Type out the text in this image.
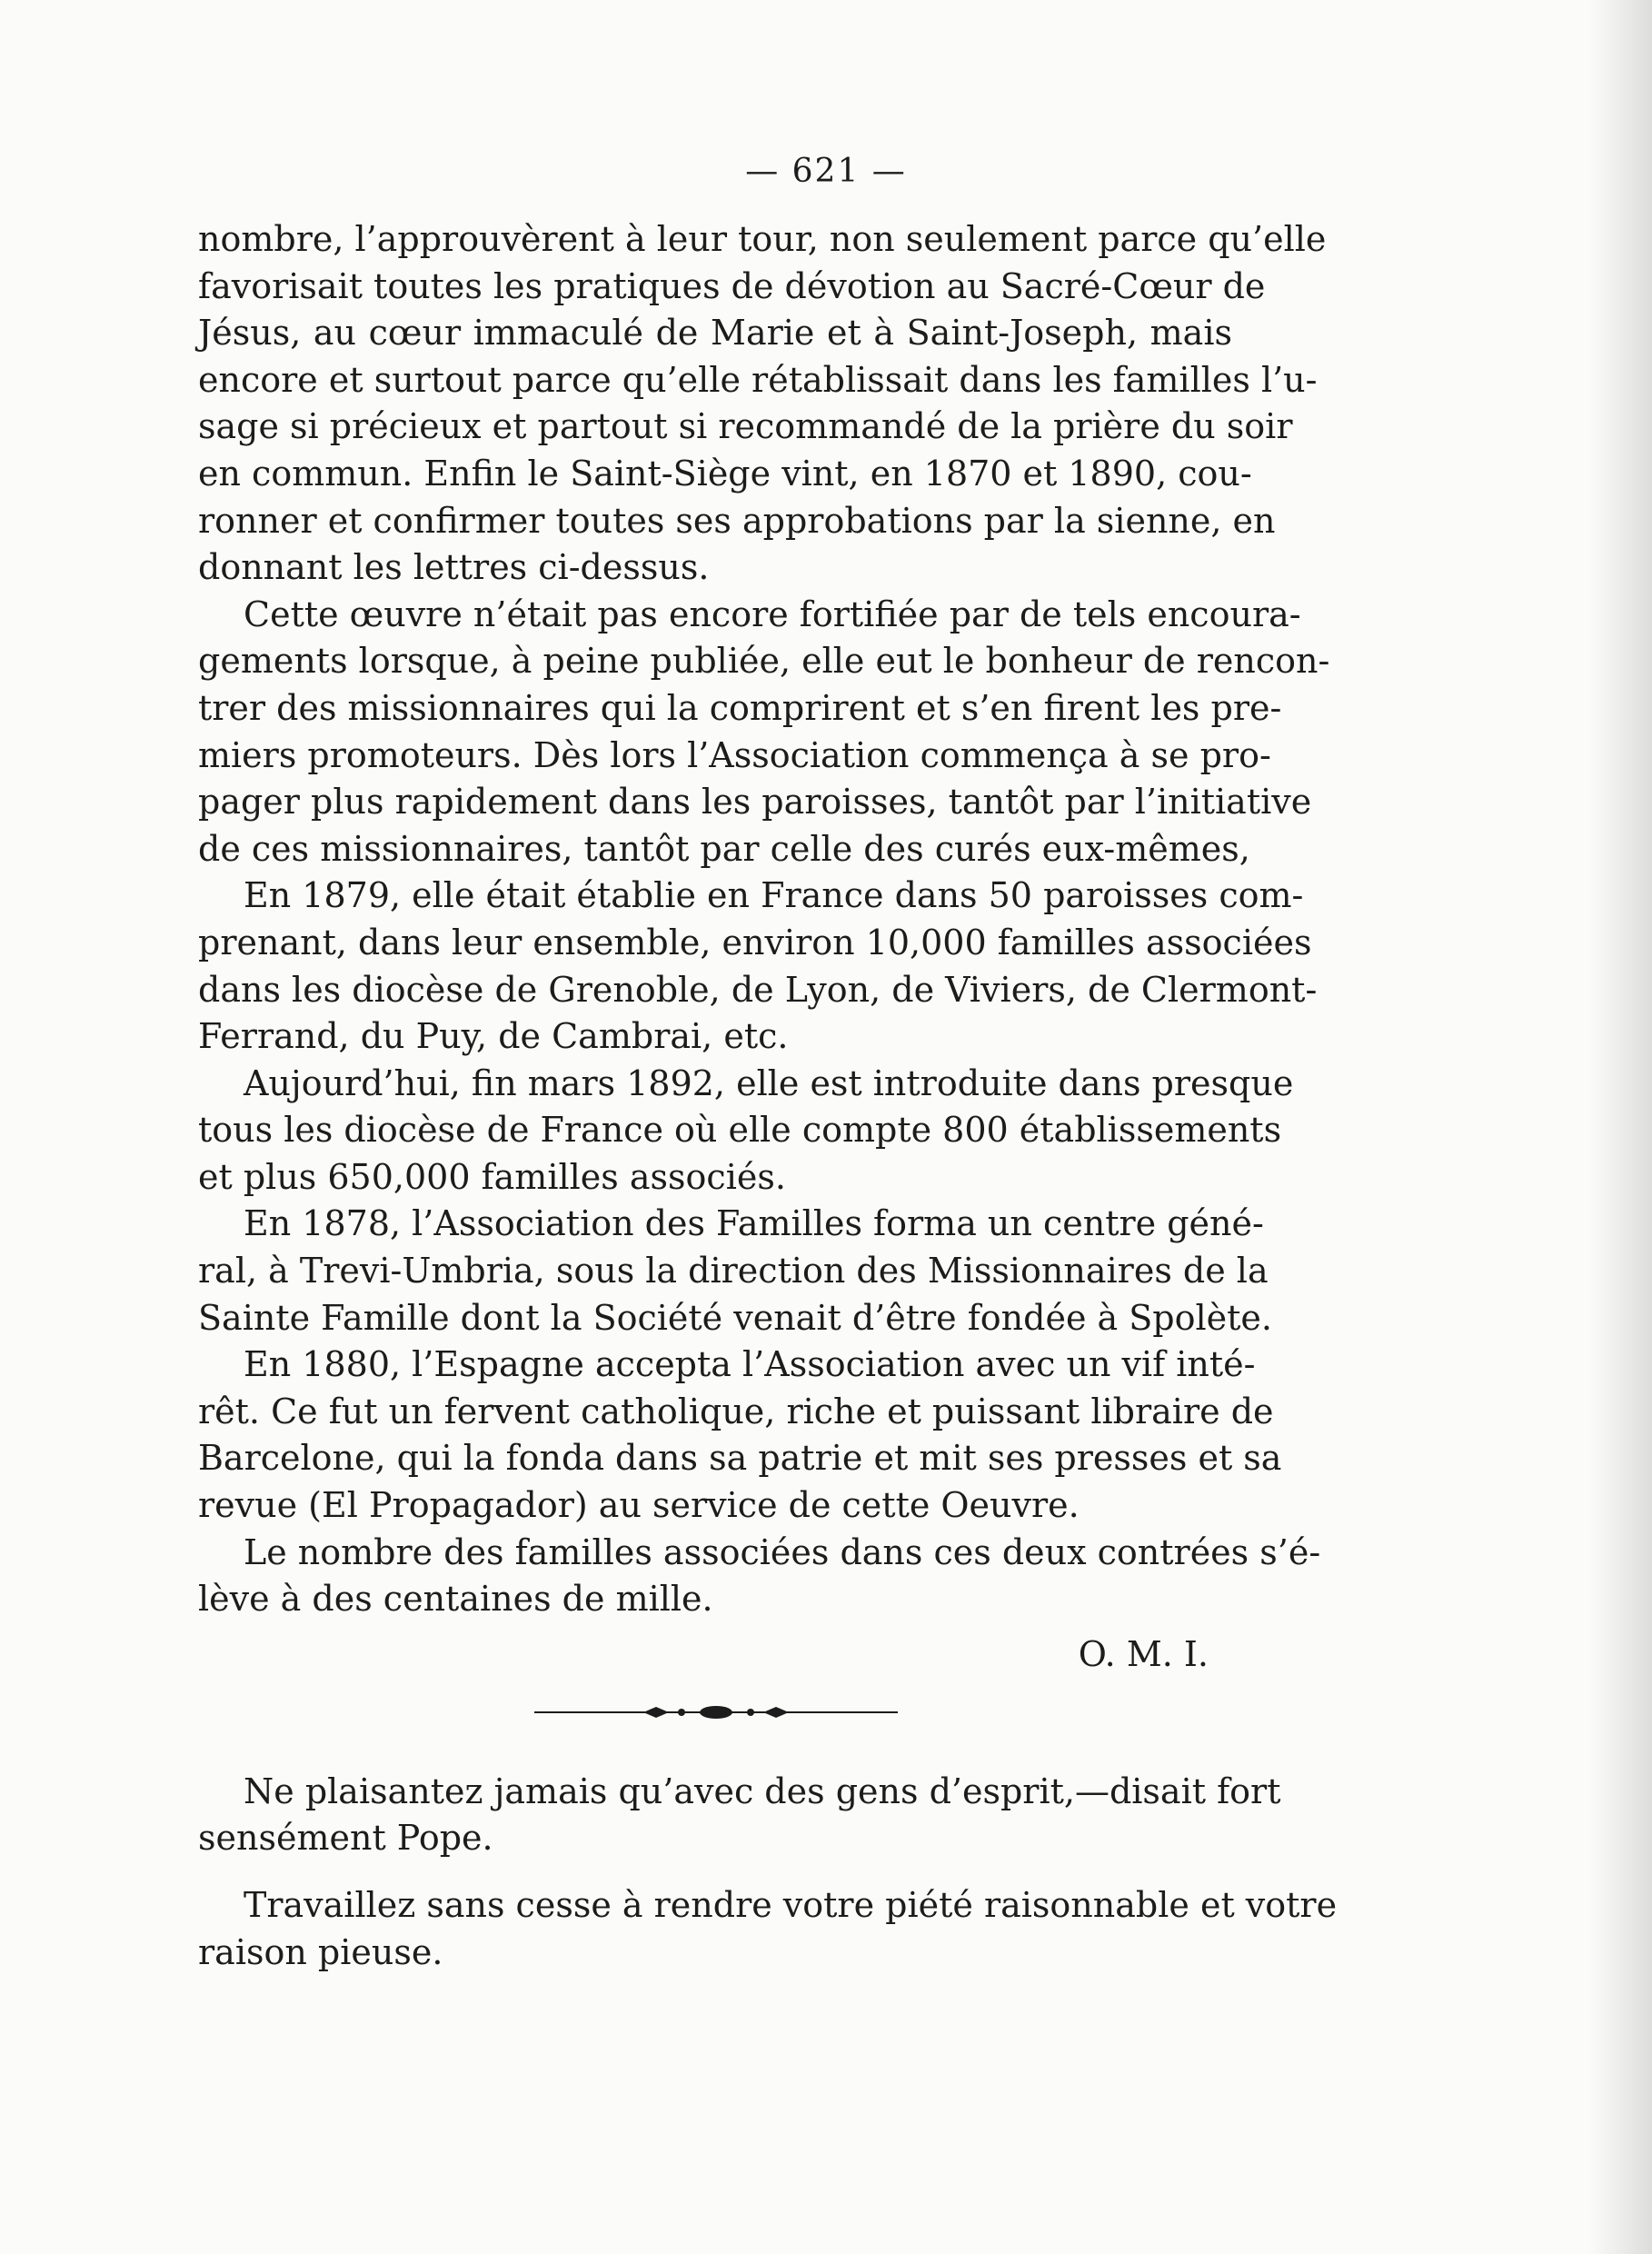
— 621 —
nombre, l’approuvèrent à leur tour, non seulement parce qu’elle
favorisait toutes les pratiques de dévotion au Sacré-Cœur de
Jésus, au cœur immaculé de Marie et à Saint-Joseph, mais
encore et surtout parce qu’elle rétablissait dans les familles l’u-
sage si précieux et partout si recommandé de la prière du soir
en commun. Enfin le Saint-Siège vint, en 1870 et 1890, cou-
ronner et confirmer toutes ses approbations par la sienne, en
donnant les lettres ci-dessus.
Cette œuvre n’était pas encore fortifiée par de tels encoura-
gements lorsque, à peine publiée, elle eut le bonheur de rencon-
trer des missionnaires qui la comprirent et s’en firent les pre-
miers promoteurs. Dès lors l’Association commença à se pro-
pager plus rapidement dans les paroisses, tantôt par l’initiative
de ces missionnaires, tantôt par celle des curés eux-mêmes,
En 1879, elle était établie en France dans 50 paroisses com-
prenant, dans leur ensemble, environ 10,000 familles associées
dans les diocèse de Grenoble, de Lyon, de Viviers, de Clermont-
Ferrand, du Puy, de Cambrai, etc.
Aujourd’hui, fin mars 1892, elle est introduite dans presque
tous les diocèse de France où elle compte 800 établissements
et plus 650,000 familles associés.
En 1878, l’Association des Familles forma un centre géné-
ral, à Trevi-Umbria, sous la direction des Missionnaires de la
Sainte Famille dont la Société venait d’être fondée à Spolète.
En 1880, l’Espagne accepta l’Association avec un vif inté-
rêt. Ce fut un fervent catholique, riche et puissant libraire de
Barcelone, qui la fonda dans sa patrie et mit ses presses et sa
revue (El Propagador) au service de cette Oeuvre.
Le nombre des familles associées dans ces deux contrées s’é-
lève à des centaines de mille.
O. M. I.
Ne plaisantez jamais qu’avec des gens d’esprit,—disait fort
sensément Pope.
Travaillez sans cesse à rendre votre piété raisonnable et votre
raison pieuse.
